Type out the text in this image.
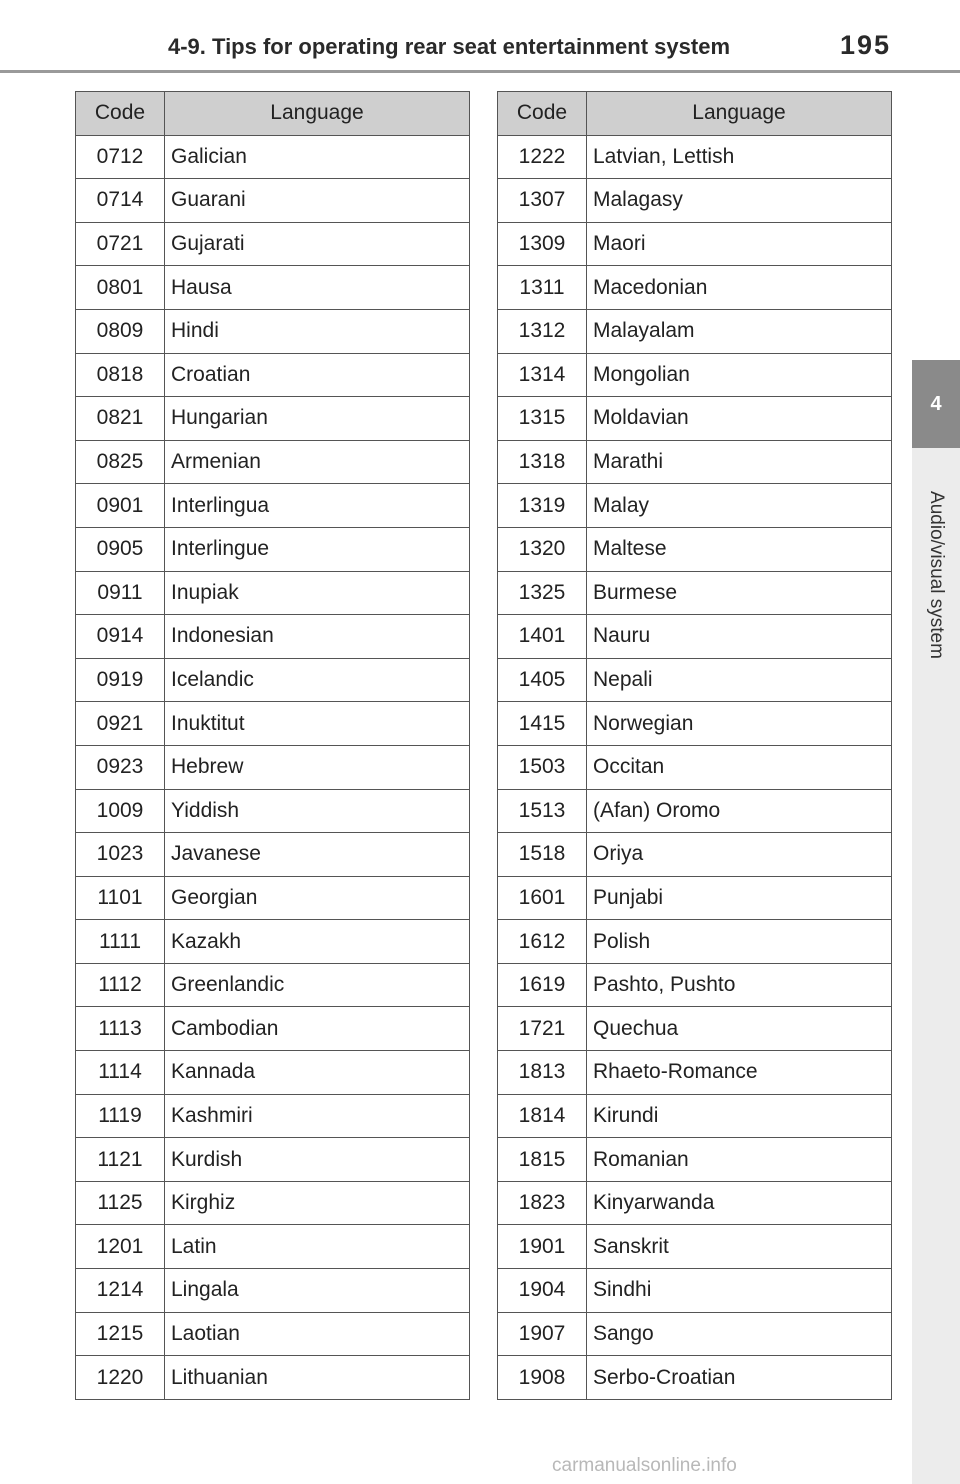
4-9. Tips for operating rear seat entertainment system	195
4
Audio/visual system
Code	Language
0712	Galician
0714	Guarani
0721	Gujarati
0801	Hausa
0809	Hindi
0818	Croatian
0821	Hungarian
0825	Armenian
0901	Interlingua
0905	Interlingue
0911	Inupiak
0914	Indonesian
0919	Icelandic
0921	Inuktitut
0923	Hebrew
1009	Yiddish
1023	Javanese
1101	Georgian
1111	Kazakh
1112	Greenlandic
1113	Cambodian
1114	Kannada
1119	Kashmiri
1121	Kurdish
1125	Kirghiz
1201	Latin
1214	Lingala
1215	Laotian
1220	Lithuanian
Code	Language
1222	Latvian, Lettish
1307	Malagasy
1309	Maori
1311	Macedonian
1312	Malayalam
1314	Mongolian
1315	Moldavian
1318	Marathi
1319	Malay
1320	Maltese
1325	Burmese
1401	Nauru
1405	Nepali
1415	Norwegian
1503	Occitan
1513	(Afan) Oromo
1518	Oriya
1601	Punjabi
1612	Polish
1619	Pashto, Pushto
1721	Quechua
1813	Rhaeto-Romance
1814	Kirundi
1815	Romanian
1823	Kinyarwanda
1901	Sanskrit
1904	Sindhi
1907	Sango
1908	Serbo-Croatian
carmanualsonline.info
